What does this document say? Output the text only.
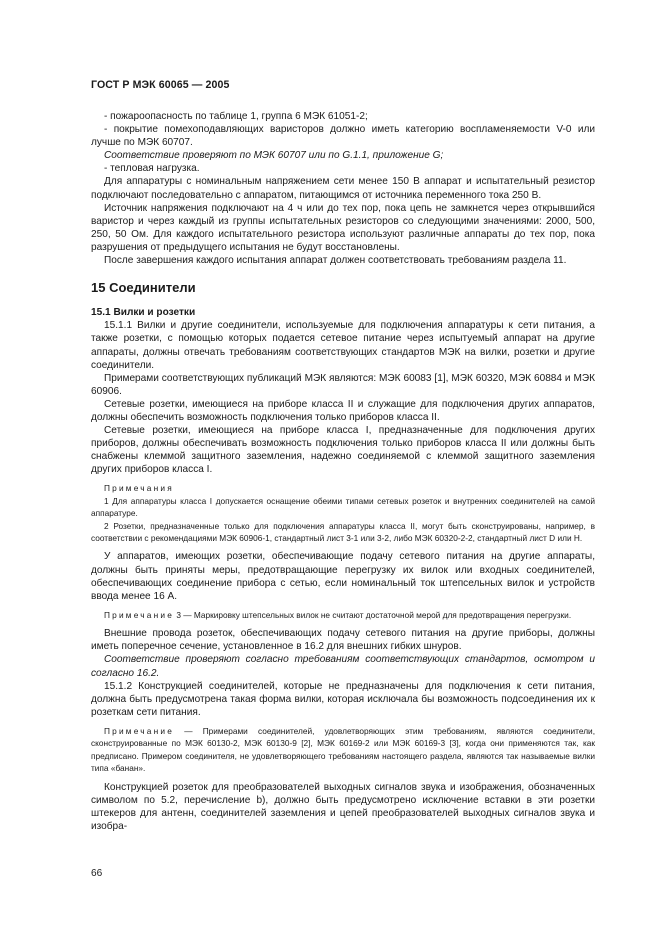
ГОСТ Р МЭК 60065 — 2005

- пожароопасность по таблице 1, группа 6 МЭК 61051-2;

- покрытие помехоподавляющих варисторов должно иметь категорию воспламеняемости V-0 или лучше по МЭК 60707.

Соответствие проверяют по МЭК 60707 или по G.1.1, приложение G;

- тепловая нагрузка.

Для аппаратуры с номинальным напряжением сети менее 150 В аппарат и испытательный резистор подключают последовательно с аппаратом, питающимся от источника переменного тока 250 В.

Источник напряжения подключают на 4 ч или до тех пор, пока цепь не замкнется через открывшийся варистор и через каждый из группы испытательных резисторов со следующими значениями: 2000, 500, 250, 50 Ом. Для каждого испытательного резистора используют различные аппараты до тех пор, пока разрушения от предыдущего испытания не будут восстановлены.

После завершения каждого испытания аппарат должен соответствовать требованиям раздела 11.

15 Соединители

15.1 Вилки и розетки

15.1.1 Вилки и другие соединители, используемые для подключения аппаратуры к сети питания, а также розетки, с помощью которых подается сетевое питание через испытуемый аппарат на другие аппараты, должны отвечать требованиям соответствующих стандартов МЭК на вилки, розетки и другие соединители.

Примерами соответствующих публикаций МЭК являются: МЭК 60083 [1], МЭК 60320, МЭК 60884 и МЭК 60906.

Сетевые розетки, имеющиеся на приборе класса II и служащие для подключения других аппаратов, должны обеспечить возможность подключения только приборов класса II.

Сетевые розетки, имеющиеся на приборе класса I, предназначенные для подключения других приборов, должны обеспечивать возможность подключения только приборов класса II или должны быть снабжены клеммой защитного заземления, надежно соединяемой с клеммой защитного заземления других приборов класса I.

Примечания

1 Для аппаратуры класса I допускается оснащение обеими типами сетевых розеток и внутренних соединителей на самой аппаратуре.

2 Розетки, предназначенные только для подключения аппаратуры класса II, могут быть сконструированы, например, в соответствии с рекомендациями МЭК 60906-1, стандартный лист 3-1 или 3-2, либо МЭК 60320-2-2, стандартный лист D или H.

У аппаратов, имеющих розетки, обеспечивающие подачу сетевого питания на другие аппараты, должны быть приняты меры, предотвращающие перегрузку их вилок или входных соединителей, обеспечивающих соединение прибора с сетью, если номинальный ток штепсельных вилок и устройств ввода менее 16 А.

Примечание 3 — Маркировку штепсельных вилок не считают достаточной мерой для предотвращения перегрузки.

Внешние провода розеток, обеспечивающих подачу сетевого питания на другие приборы, должны иметь поперечное сечение, установленное в 16.2 для внешних гибких шнуров.

Соответствие проверяют согласно требованиям соответствующих стандартов, осмотром и согласно 16.2.

15.1.2 Конструкцией соединителей, которые не предназначены для подключения к сети питания, должна быть предусмотрена такая форма вилки, которая исключала бы возможность подсоединения их к розеткам сети питания.

Примечание — Примерами соединителей, удовлетворяющих этим требованиям, являются соединители, сконструированные по МЭК 60130-2, МЭК 60130-9 [2], МЭК 60169-2 или МЭК 60169-3 [3], когда они применяются так, как предписано. Примером соединителя, не удовлетворяющего требованиям настоящего раздела, являются так называемые вилки типа «банан».

Конструкцией розеток для преобразователей выходных сигналов звука и изображения, обозначенных символом по 5.2, перечисление b), должно быть предусмотрено исключение вставки в эти розетки штекеров для антенн, соединителей заземления и цепей преобразователей выходных сигналов звука и изобра-

66
